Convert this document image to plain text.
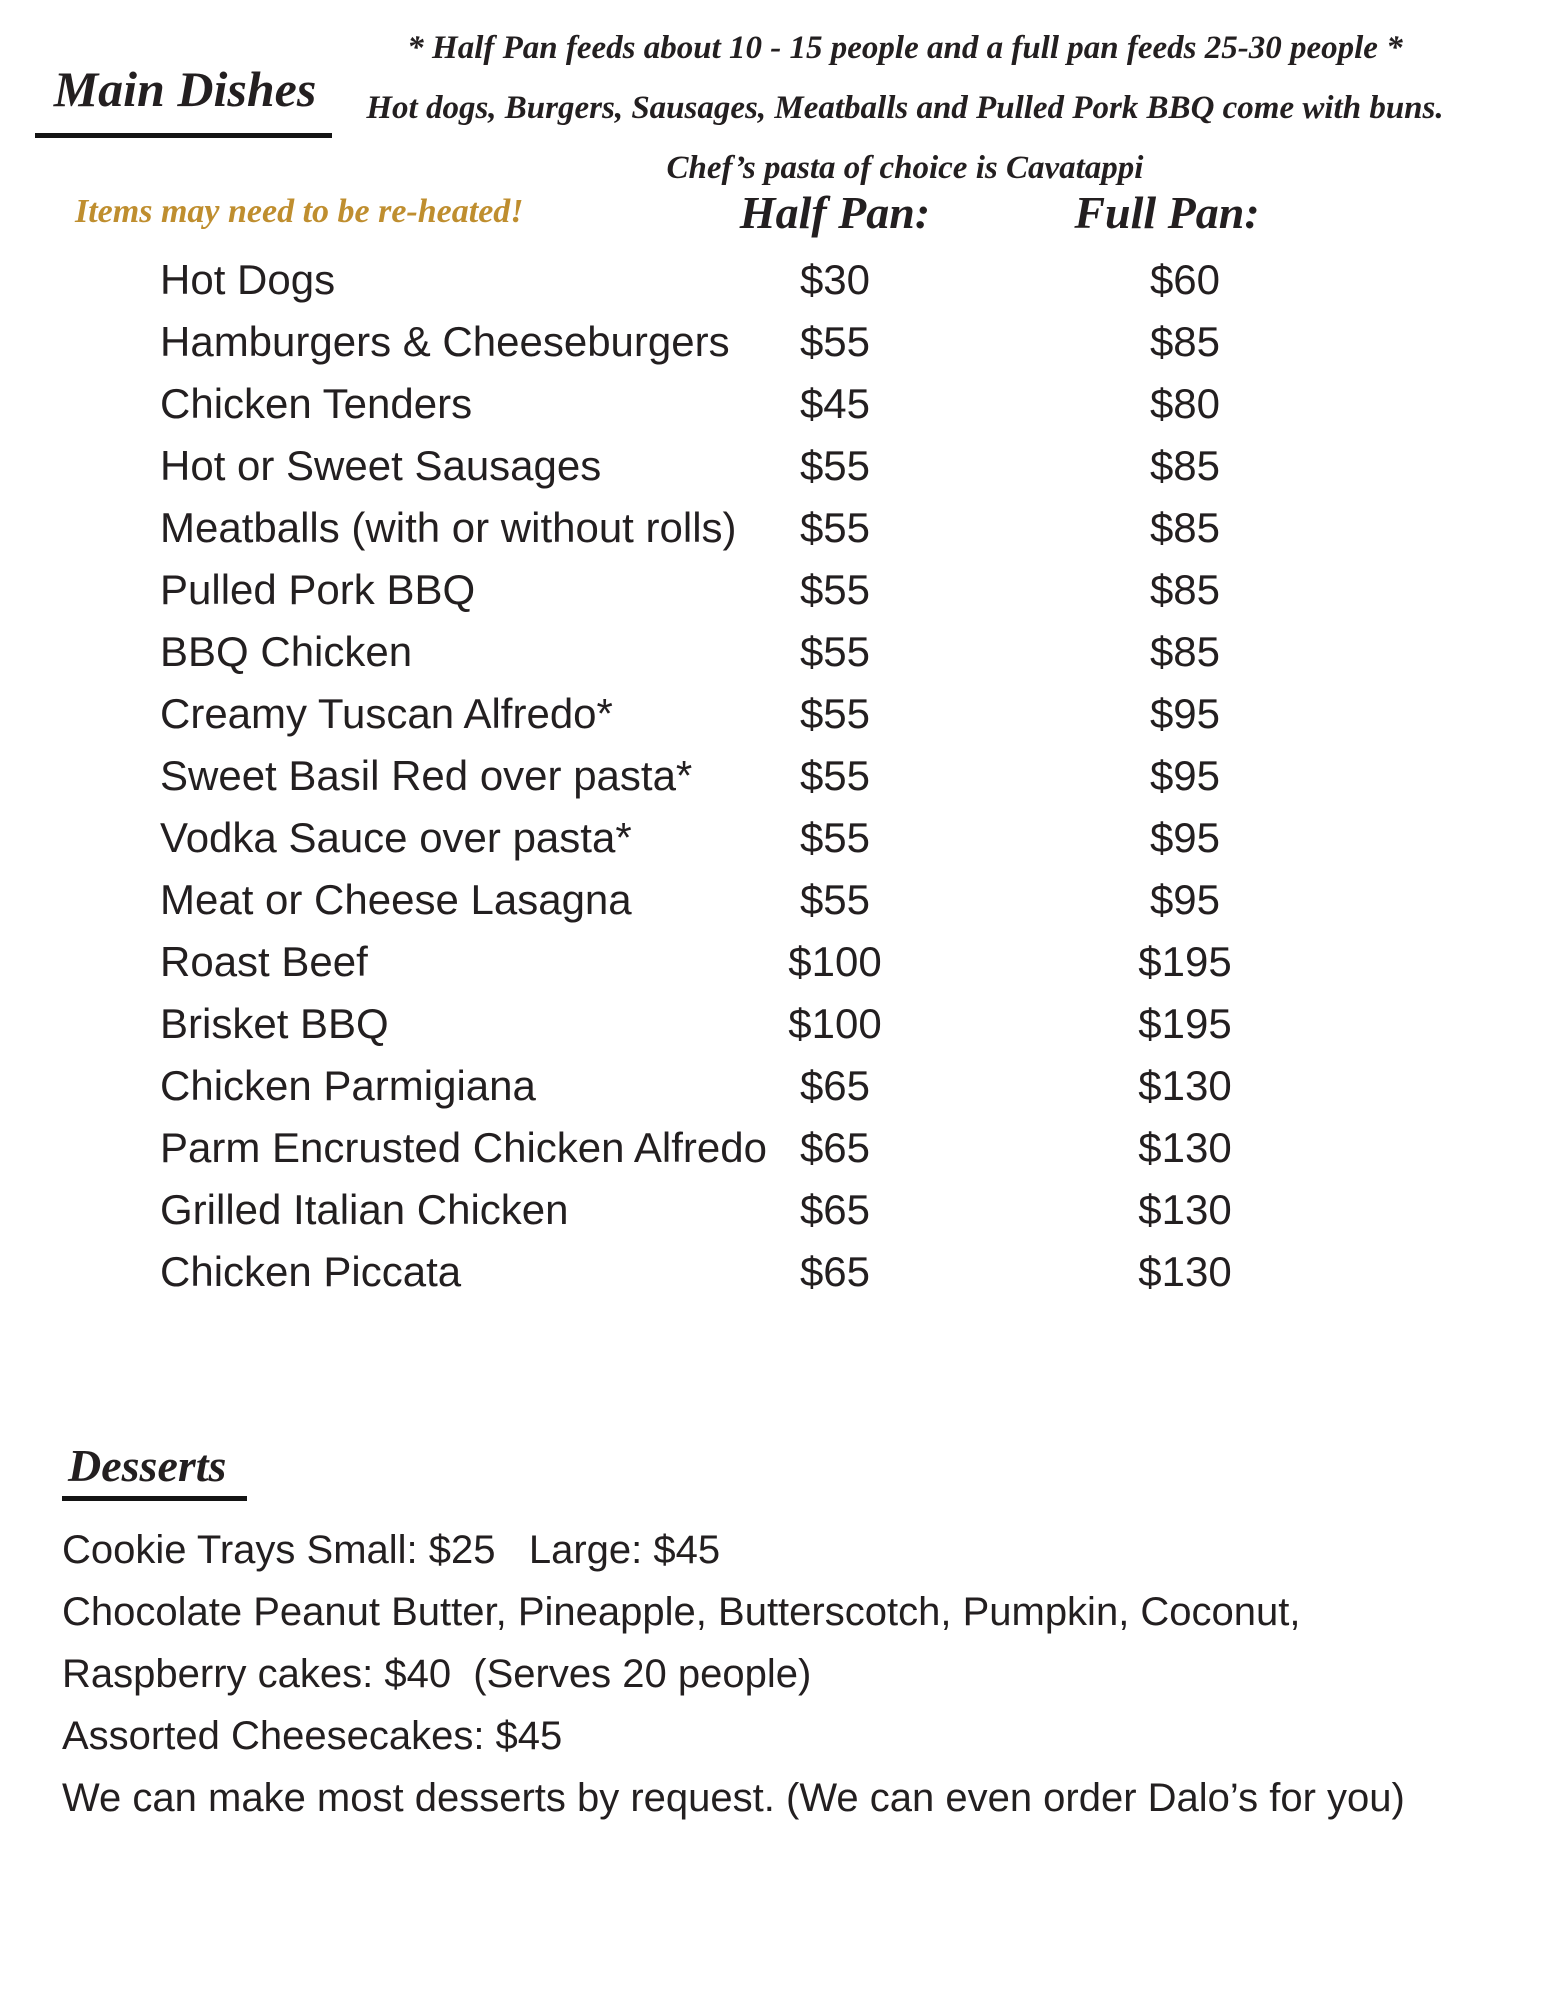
* Half Pan feeds about 10 - 15 people and a full pan feeds 25-30 people *
Hot dogs, Burgers, Sausages, Meatballs and Pulled Pork BBQ come with buns.
Chef’s pasta of choice is Cavatappi
Main Dishes
Items may need to be re-heated!	Half Pan:	Full Pan:
Hot Dogs	$30	$60
Hamburgers & Cheeseburgers	$55	$85
Chicken Tenders	$45	$80
Hot or Sweet Sausages	$55	$85
Meatballs (with or without rolls)	$55	$85
Pulled Pork BBQ	$55	$85
BBQ Chicken	$55	$85
Creamy Tuscan Alfredo*	$55	$95
Sweet Basil Red over pasta*	$55	$95
Vodka Sauce over pasta*	$55	$95
Meat or Cheese Lasagna	$55	$95
Roast Beef	$100	$195
Brisket BBQ	$100	$195
Chicken Parmigiana	$65	$130
Parm Encrusted Chicken Alfredo $65	$130
Grilled Italian Chicken	$65	$130
Chicken Piccata	$65	$130
Desserts
Cookie Trays Small: $25   Large: $45
Chocolate Peanut Butter, Pineapple, Butterscotch, Pumpkin, Coconut,
Raspberry cakes: $40  (Serves 20 people)
Assorted Cheesecakes: $45
We can make most desserts by request. (We can even order Dalo’s for you)
